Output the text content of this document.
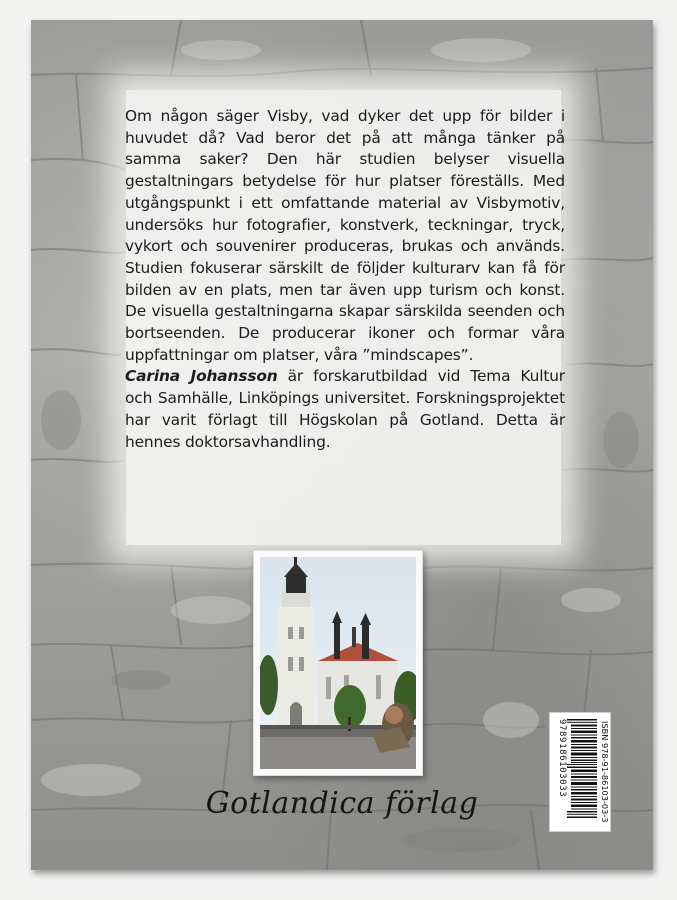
Om någon säger Visby, vad dyker det upp för bilder i huvudet då? Vad beror det på att många tänker på samma saker? Den här studien belyser visuella gestaltningars betydelse för hur platser föreställs. Med utgångspunkt i ett omfattande material av Visbymotiv, undersöks hur fotografier, konstverk, teckningar, tryck, vykort och souvenirer produceras, brukas och används. Studien fokuserar särskilt de följder kulturarv kan få för bilden av en plats, men tar även upp turism och konst. De visuella gestaltningarna skapar särskilda seenden och bortseenden. De producerar ikoner och formar våra uppfattningar om platser, våra ”mindscapes”.

Carina Johansson är forskarutbildad vid Tema Kultur och Samhälle, Linköpings universitet. Forskningsprojektet har varit förlagt till Högskolan på Gotland. Detta är hennes doktorsavhandling.

Gotlandica förlag	ISBN 978-91-86103-03-3
9789186103033
